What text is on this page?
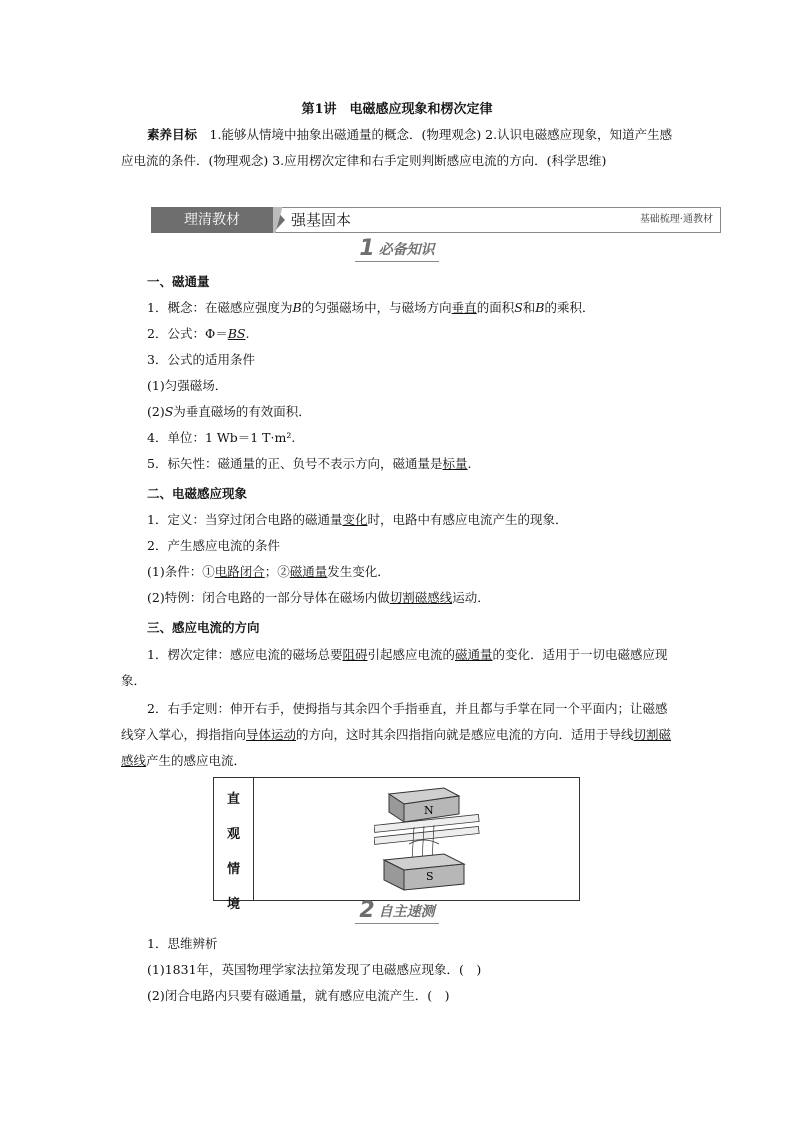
第1讲　电磁感应现象和楞次定律
素养目标　1.能够从情境中抽象出磁通量的概念．(物理观念) 2.认识电磁感应现象，知道产生感应电流的条件．(物理观念) 3.应用楞次定律和右手定则判断感应电流的方向．(科学思维)
理清教材	强基固本	基础梳理·通教材
1 必备知识
一、磁通量
1．概念：在磁感应强度为B的匀强磁场中，与磁场方向垂直的面积S和B的乘积．
2．公式：Φ＝BS.
3．公式的适用条件
(1)匀强磁场．
(2)S为垂直磁场的有效面积．
4．单位：1 Wb＝1 T·m².
5．标矢性：磁通量的正、负号不表示方向，磁通量是标量.
二、电磁感应现象
1．定义：当穿过闭合电路的磁通量变化时，电路中有感应电流产生的现象．
2．产生感应电流的条件
(1)条件：①电路闭合；②磁通量发生变化．
(2)特例：闭合电路的一部分导体在磁场内做切割磁感线运动．
三、感应电流的方向
1．楞次定律：感应电流的磁场总要阻碍引起感应电流的磁通量的变化．适用于一切电磁感应现象．
2．右手定则：伸开右手，使拇指与其余四个手指垂直，并且都与手掌在同一个平面内；让磁感线穿入掌心，拇指指向导体运动的方向，这时其余四指指向就是感应电流的方向．适用于导线切割磁感线产生的感应电流．
直
观
情
境
N
S
2 自主速测
1．思维辨析
(1)1831年，英国物理学家法拉第发现了电磁感应现象．(　)
(2)闭合电路内只要有磁通量，就有感应电流产生．(　)
